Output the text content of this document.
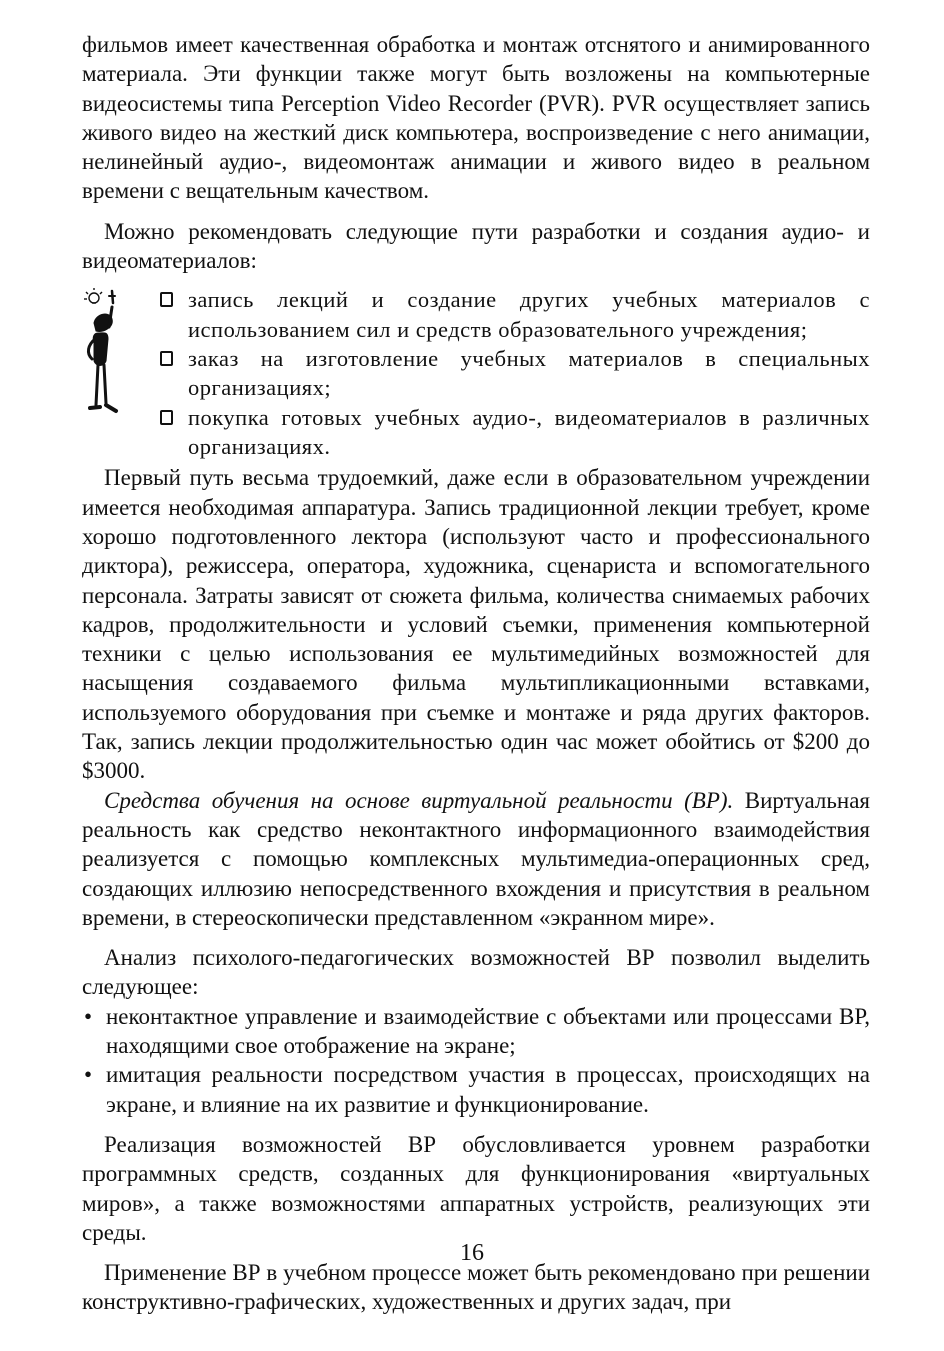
фильмов имеет качественная обработка и монтаж отснятого и анимированного материала. Эти функции также могут быть возложены на компьютерные видеосистемы типа Perception Video Recorder (PVR). PVR осуществляет запись живого видео на жесткий диск компьютера, воспроизведение с него анимации, нелинейный аудио-, видеомонтаж анимации и живого видео в реальном времени с вещательным качеством.

Можно рекомендовать следующие пути разработки и создания аудио- и видеоматериалов:

запись лекций и создание других учебных материалов с использованием сил и средств образовательного учреждения;
заказ на изготовление учебных материалов в специальных организациях;
покупка готовых учебных аудио-, видеоматериалов в различных организациях.

Первый путь весьма трудоемкий, даже если в образовательном учреждении имеется необходимая аппаратура. Запись традиционной лекции требует, кроме хорошо подготовленного лектора (используют часто и профессионального диктора), режиссера, оператора, художника, сценариста и вспомогательного персонала. Затраты зависят от сюжета фильма, количества снимаемых рабочих кадров, продолжительности и условий съемки, применения компьютерной техники с целью использования ее мультимедийных возможностей для насыщения создаваемого фильма мультипликационными вставками, используемого оборудования при съемке и монтаже и ряда других факторов. Так, запись лекции продолжительностью один час может обойтись от $200 до $3000.

Средства обучения на основе виртуальной реальности (ВР). Виртуальная реальность как средство неконтактного информационного взаимодействия реализуется с помощью комплексных мультимедиа-операционных сред, создающих иллюзию непосредственного вхождения и присутствия в реальном времени, в стереоскопически представленном «экранном мире».

Анализ психолого-педагогических возможностей ВР позволил выделить следующее:

• неконтактное управление и взаимодействие с объектами или процессами ВР, находящими свое отображение на экране;
• имитация реальности посредством участия в процессах, происходящих на экране, и влияние на их развитие и функционирование.

Реализация возможностей ВР обусловливается уровнем разработки программных средств, созданных для функционирования «виртуальных миров», а также возможностями аппаратных устройств, реализующих эти среды.

Применение ВР в учебном процессе может быть рекомендовано при решении конструктивно-графических, художественных и других задач, при

16
